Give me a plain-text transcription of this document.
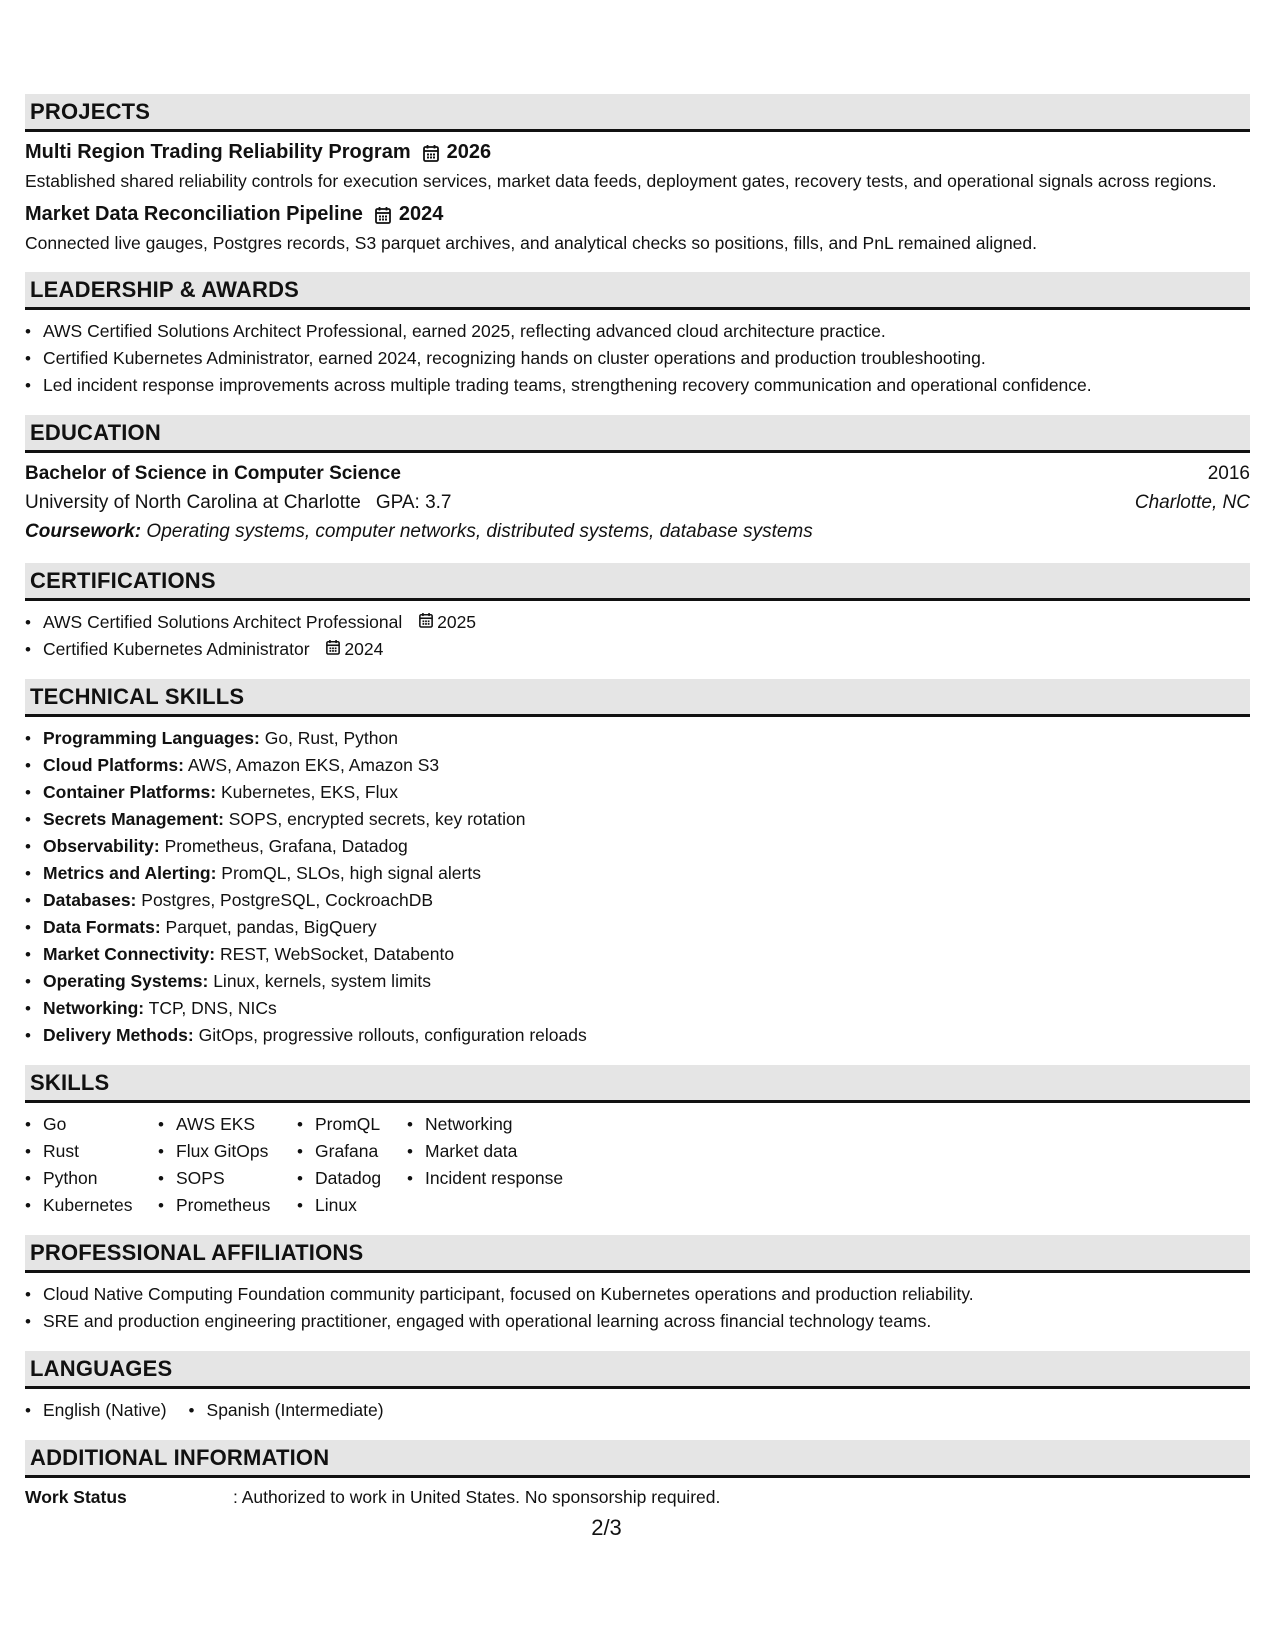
PROJECTS
Multi Region Trading Reliability Program 2026
Established shared reliability controls for execution services, market data feeds, deployment gates, recovery tests, and operational signals across regions.
Market Data Reconciliation Pipeline 2024
Connected live gauges, Postgres records, S3 parquet archives, and analytical checks so positions, fills, and PnL remained aligned.
LEADERSHIP & AWARDS
• AWS Certified Solutions Architect Professional, earned 2025, reflecting advanced cloud architecture practice.
• Certified Kubernetes Administrator, earned 2024, recognizing hands on cluster operations and production troubleshooting.
• Led incident response improvements across multiple trading teams, strengthening recovery communication and operational confidence.
EDUCATION
Bachelor of Science in Computer Science	2016
University of North Carolina at Charlotte GPA: 3.7	Charlotte, NC
Coursework: Operating systems, computer networks, distributed systems, database systems
CERTIFICATIONS
• AWS Certified Solutions Architect Professional 2025
• Certified Kubernetes Administrator 2024
TECHNICAL SKILLS
• Programming Languages: Go, Rust, Python
• Cloud Platforms: AWS, Amazon EKS, Amazon S3
• Container Platforms: Kubernetes, EKS, Flux
• Secrets Management: SOPS, encrypted secrets, key rotation
• Observability: Prometheus, Grafana, Datadog
• Metrics and Alerting: PromQL, SLOs, high signal alerts
• Databases: Postgres, PostgreSQL, CockroachDB
• Data Formats: Parquet, pandas, BigQuery
• Market Connectivity: REST, WebSocket, Databento
• Operating Systems: Linux, kernels, system limits
• Networking: TCP, DNS, NICs
• Delivery Methods: GitOps, progressive rollouts, configuration reloads
SKILLS
• Go
• Rust
• Python
• Kubernetes
• AWS EKS
• Flux GitOps
• SOPS
• Prometheus
• PromQL
• Grafana
• Datadog
• Linux
• Networking
• Market data
• Incident response
PROFESSIONAL AFFILIATIONS
• Cloud Native Computing Foundation community participant, focused on Kubernetes operations and production reliability.
• SRE and production engineering practitioner, engaged with operational learning across financial technology teams.
LANGUAGES
• English (Native)
•	Spanish (Intermediate)
ADDITIONAL INFORMATION
Work Status	: Authorized to work in United States. No sponsorship required.
2/3
